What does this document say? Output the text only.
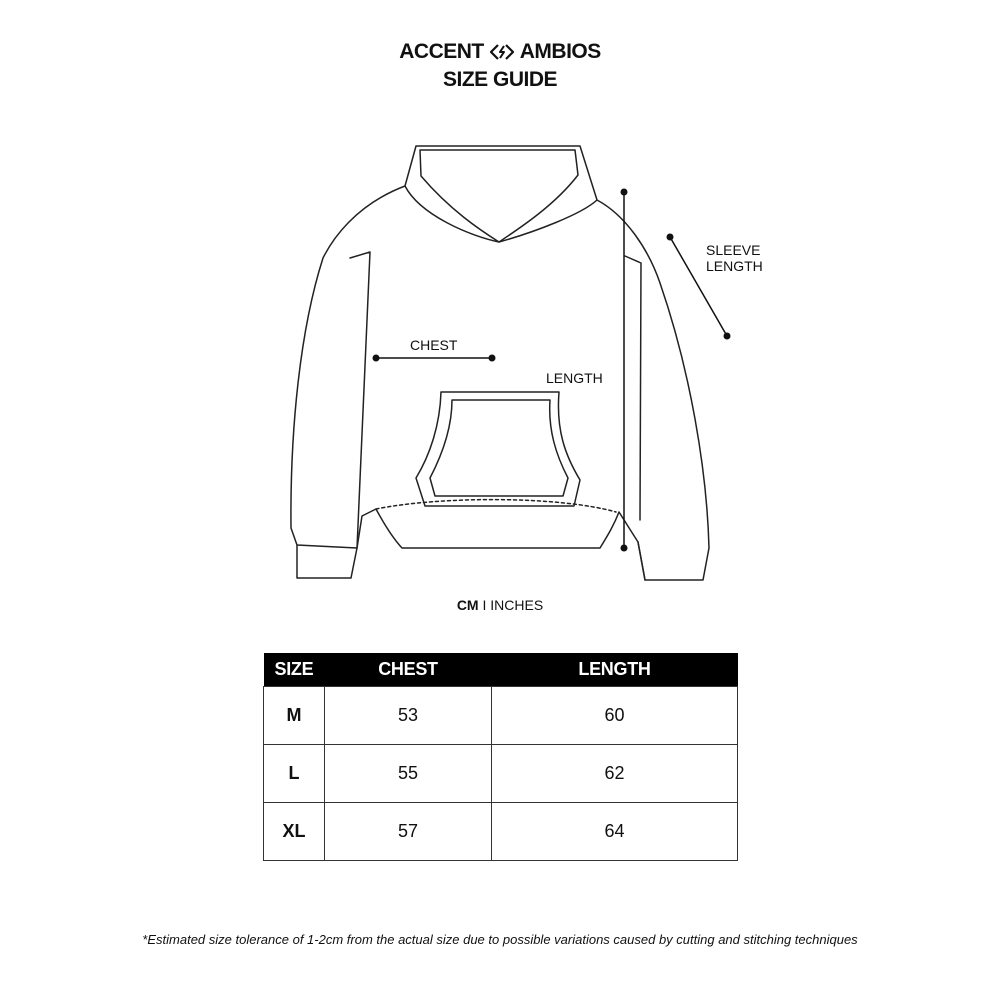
ACCENT AMBIOS
SIZE GUIDE
CHEST
LENGTH
SLEEVE
LENGTH
CM I INCHES
SIZE	CHEST	LENGTH
M	53	60
L	55	62
XL	57	64
*Estimated size tolerance of 1-2cm from the actual size due to possible variations caused by cutting and stitching techniques
